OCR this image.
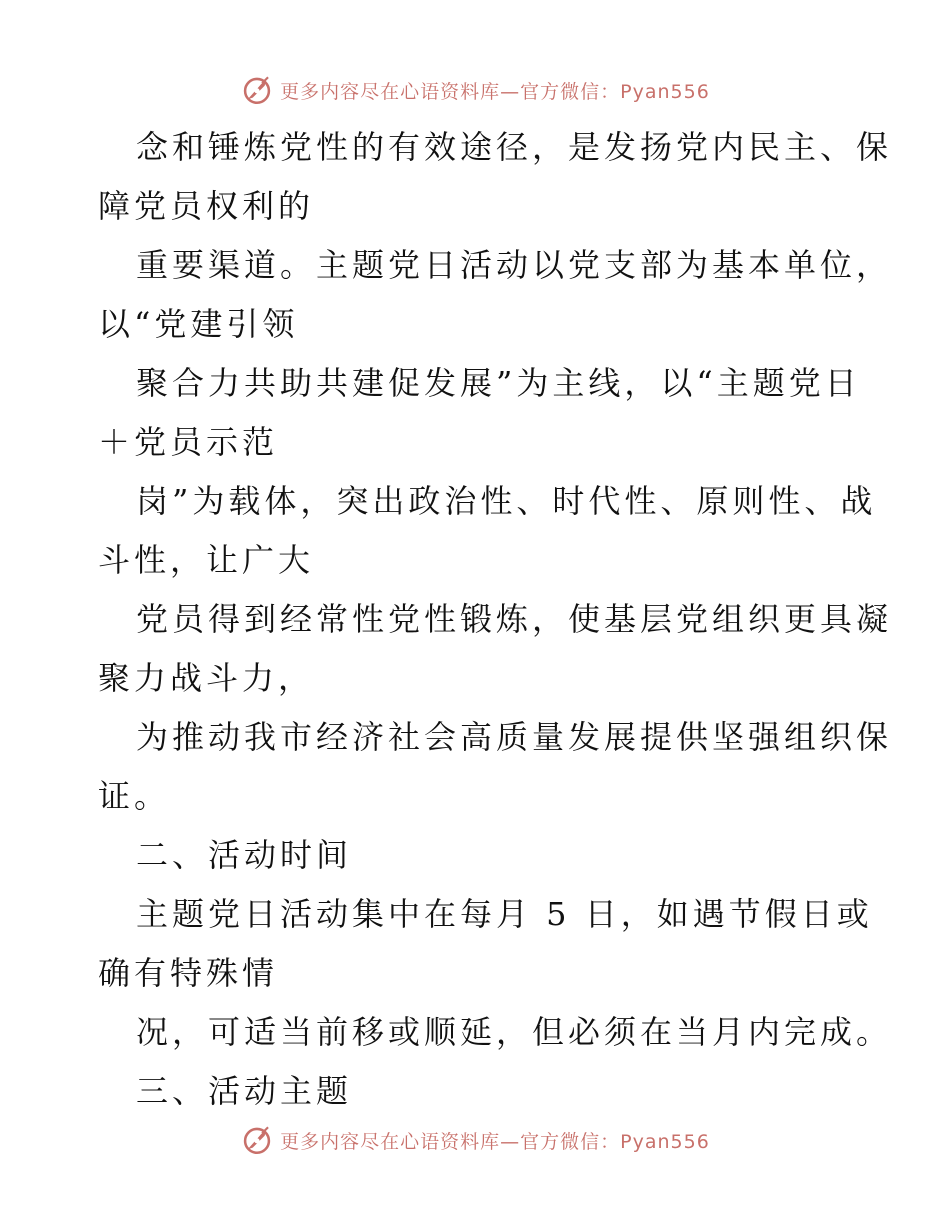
更多内容尽在心语资料库—官方微信：Pyan556
念和锤炼党性的有效途径，是发扬党内民主、保
障党员权利的
重要渠道。主题党日活动以党支部为基本单位，
以“党建引领
聚合力共助共建促发展”为主线，以“主题党日
＋党员示范
岗”为载体，突出政治性、时代性、原则性、战
斗性，让广大
党员得到经常性党性锻炼，使基层党组织更具凝
聚力战斗力，
为推动我市经济社会高质量发展提供坚强组织保
证。
二、活动时间
主题党日活动集中在每月 5 日，如遇节假日或
确有特殊情
况，可适当前移或顺延，但必须在当月内完成。
三、活动主题
更多内容尽在心语资料库—官方微信：Pyan556
